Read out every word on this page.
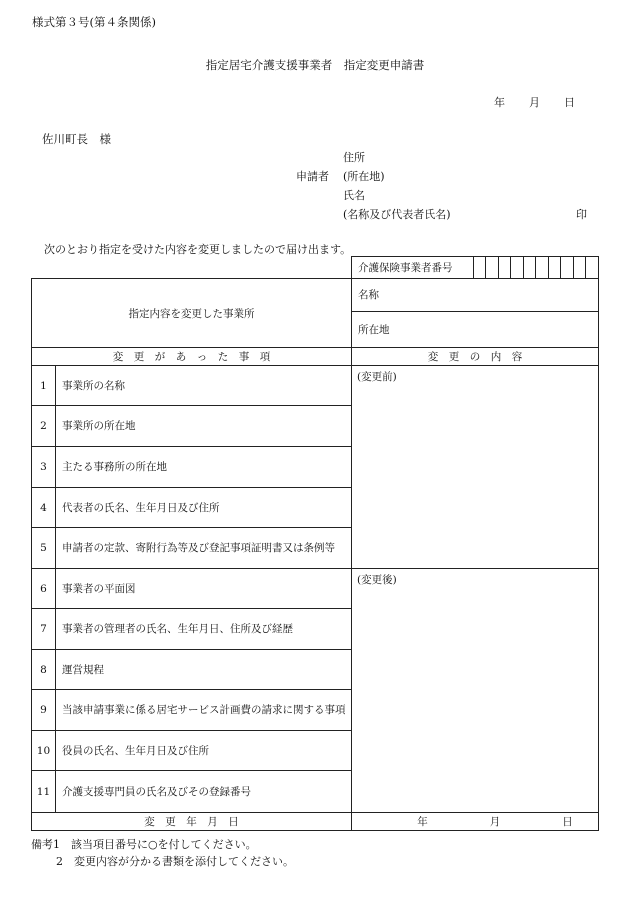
様式第３号(第４条関係)
指定居宅介護支援事業者　指定変更申請書
年 月 日
佐川町長　様
申請者
住所
(所在地)
氏名
(名称及び代表者氏名)	印
次のとおり指定を受けた内容を変更しましたので届け出ます。
		介護保険事業者番号										
指定内容を変更した事業所		名称										
		所在地										
変　更　が　あ　っ　た　事　項		変　更　の　内　容										
1	事業所の名称	(変更前)										
2	事業所の所在地											
3	主たる事務所の所在地											
4	代表者の氏名、生年月日及び住所											
5	申請者の定款、寄附行為等及び登記事項証明書又は条例等											
6	事業者の平面図	(変更後)										
7	事業者の管理者の氏名、生年月日、住所及び経歴											
8	運営規程											
9	当該申請事業に係る居宅サービス計画費の請求に関する事項											
10	役員の氏名、生年月日及び住所											
11	介護支援専門員の氏名及びその登録番号											
変　更　年　月　日		年 月 日										
備考1　該当項目番号に○を付してください。
2　変更内容が分かる書類を添付してください。
